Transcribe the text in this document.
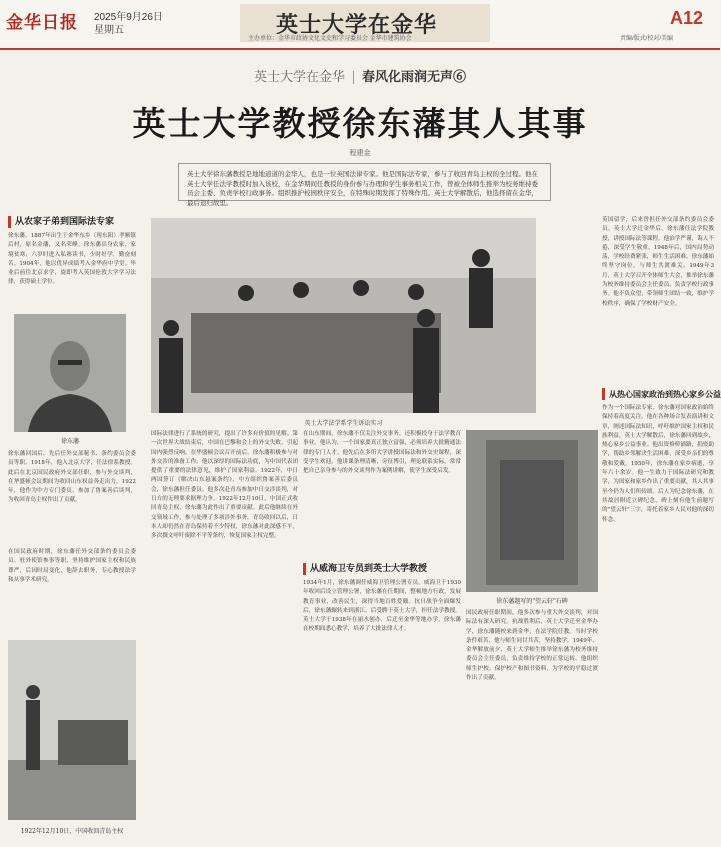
金华日报 2025年9月26日
星期五	英士大学在金华
主办单位：金华市政协文化文史和学习委员会 金华市建筑协会
A12
责编/版式/校对/美编
英士大学在金华 春风化雨润无声⑥
英士大学教授徐东藩其人其事
程建金
英士大学徐东藩教授是地地道道的金华人，也是一位英国法律专家。他是国际法专家，参与了收回青岛主权的全过程。他在英士大学任法学教授时加入该校，在金华期间任教授的身份参与办理和学生事务相关工作，曾被全体师生推举为校务维持委员会主委、负责学校行政事务。组织推护校园秩序安全，在特殊时期发挥了特殊作用。英士大学解散后，他选择留在金华，最后退归故里。
从农家子弟到国际法专家
徐东藩，1887年出生于金华东乡（现东阳）孝顺镇后村，原名金藩，又名荣峰。徐东藩出身农家，家境贫寒，六岁时进入私塾读书，少时好学，勤奋刻苦。1904年，他以优异成绩考入金华府中学堂。毕业后前往北京求学，旋即考入英国伦敦大学学习法律，获得硕士学位。
徐东藩
徐东藩回国后，先后任外交部秘书、条约委员会委员等职。1918年，他入北京大学，任法律系教授。此后在北京国民政府外交部任职，参与外交谈判，在华盛顿会议期间为收回山东权益奔走出力。1922年，他作为中方专门委员，参加了鲁案善后谈判，为收回青岛主权作出了贡献。
在国民政府时期，徐东藩任外交部条约委员会委员、驻外使馆参事等职，坚持维护国家主权和民族尊严，后因时局变化，他辞去职务，专心教授法学和从事学术研究。
1922年12月10日，中国收回青岛主权
英士大学法学系学生诉讼实习
国际法律进行了系统的研究，提出了许多有价值的见解。第一次世界大战结束后，中国在巴黎和会上的外交失败，引起国内强烈反响。在华盛顿会议召开前后，徐东藩积极参与对外交涉的准备工作。他以深厚的国际法功底，为中国代表团提供了重要的法律意见，维护了国家利益。1922年，中日两国签订《解决山东悬案条约》，中方组织鲁案善后委员会，徐东藩担任委员。他多次赴青岛参加中日交涉谈判，对日方的无理要求据理力争。1922年12月10日，中国正式收回青岛主权，徐东藩为此作出了重要贡献。此后他继续在外交领域工作，参与处理了多项涉外事务。青岛收回以后，日本人却仍然在青岛保持着不少特权，徐东藩对此深感不平，多次撰文呼吁废除不平等条约，恢复国家主权完整。
在山东期间，徐东藩不仅关注外交事务，还积极投身于法学教育事业。他认为，一个国家要真正独立富强，必须培养大批精通法律的专门人才。他先后在多所大学讲授国际法和外交史课程，深受学生欢迎。他讲课条理清晰，旁征博引，理论联系实际，常常把自己亲身参与的外交谈判作为案例讲解，使学生深受启发。
从威海卫专员到英士大学教授
1934年1月，徐东藩调任威海卫管理公署专员。威海卫于1930年收回后设立管理公署，徐东藩在任期间，整顿地方行政，发展教育事业，改善民生，深得当地百姓爱戴。抗日战争全面爆发后，徐东藩辗转来到浙江，后受聘于英士大学，担任法学教授。英士大学于1938年在丽水创办，后迁至金华等地办学，徐东藩在校期间悉心教学，培养了大批法律人才。
徐东藩题写的"望云轩"石碑
国民政府任职期间，他多次参与重大外交谈判，对国际法有深入研究。抗战胜利后，英士大学迁至金华办学，徐东藩随校来到金华，在法学院任教。当时学校条件艰苦，他与师生同甘共苦，坚持教学。1949年，金华解放前夕，英士大学师生推举徐东藩为校务维持委员会主任委员，负责维持学校的正常运转。他组织师生护校，保护校产和图书资料，为学校的平稳过渡作出了贡献。
英国留学，后来曾担任外交部条约委员会委员。英士大学迁金华后，徐东藩任法学院教授，讲授国际法等课程。他治学严谨，诲人不倦，深受学生敬重。1948年后，国内局势动荡，学校经费紧张，师生生活困难。徐东藩始终坚守岗位，与师生共渡难关。1949年3月，英士大学召开全体师生大会，推举徐东藩为校务维持委员会主任委员，负责学校行政事务。他不负众望，带领师生团结一致，维护学校秩序，确保了学校财产安全。
从热心国家政治到热心家乡公益
作为一个国际法专家，徐东藩对国家政治始终保持着高度关注。他在各种场合发表演讲和文章，阐述国际法知识，呼吁维护国家主权和民族利益。英士大学解散后，徐东藩回到故乡，热心家乡公益事业。他出资修桥铺路，捐资助学，帮助乡邻解决生活困难，深受乡亲们的尊敬和爱戴。1950年，徐东藩在家乡病逝，享年六十余岁。他一生致力于国际法研究和教学，为国家和家乡作出了重要贡献，其人其事至今仍为人们所传颂。后人为纪念徐东藩，在其故居附近立碑纪念，碑上刻有他生前题写的"望云轩"三字，寄托着家乡人民对他的深切怀念。
